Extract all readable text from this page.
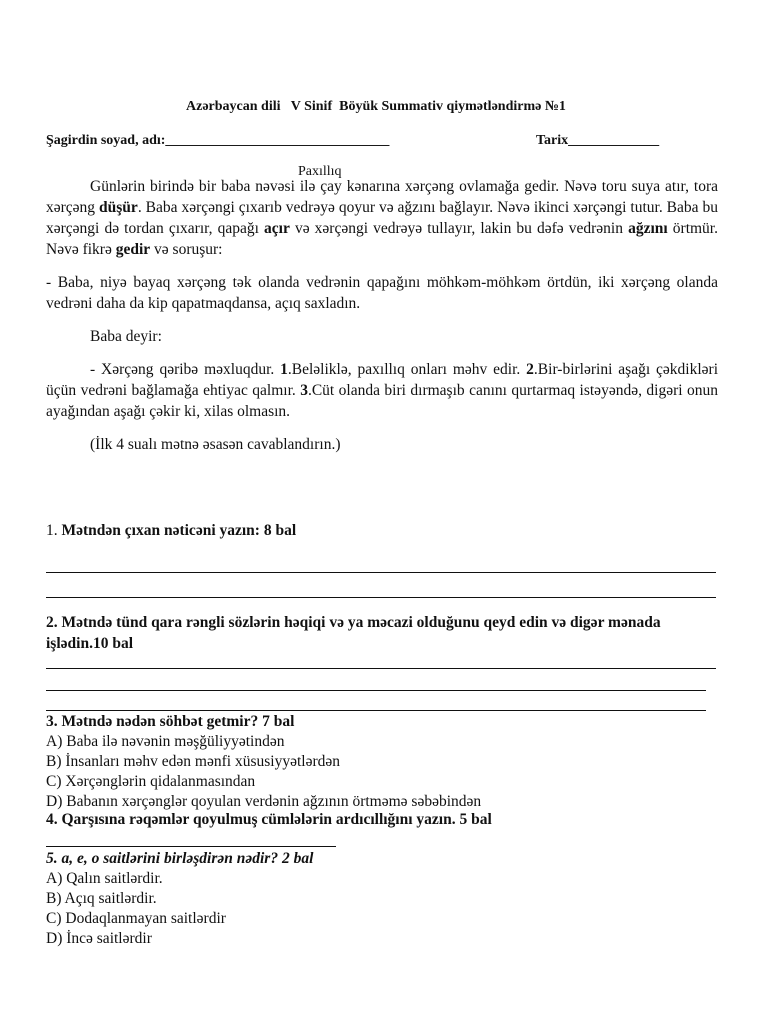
Azərbaycan dili   V Sinif  Böyük Summativ qiymətləndirmə №1
Şagirdin soyad, adı:________________________________	Tarix_____________
Paxıllıq

Günlərin birində bir baba nəvəsi ilə çay kənarına xərçəng ovlamağa gedir. Nəvə toru suya atır, tora xərçəng düşür. Baba xərçəngi çıxarıb vedrəyə qoyur və ağzını bağlayır. Nəvə ikinci xərçəngi tutur. Baba bu xərçəngi də tordan çıxarır, qapağı açır və xərçəngi vedrəyə tullayır, lakin bu dəfə vedrənin ağzını örtmür. Nəvə fikrə gedir və soruşur:

- Baba, niyə bayaq xərçəng tək olanda vedrənin qapağını möhkəm-möhkəm örtdün, iki xərçəng olanda vedrəni daha da kip qapatmaqdansa, açıq saxladın.

Baba deyir:

- Xərçəng qəribə məxluqdur. 1.Beləliklə, paxıllıq onları məhv edir. 2.Bir-birlərini aşağı çəkdikləri üçün vedrəni bağlamağa ehtiyac qalmır. 3.Cüt olanda biri dırmaşıb canını qurtarmaq istəyəndə, digəri onun ayağından aşağı çəkir ki, xilas olmasın.

(İlk 4 sualı mətnə əsasən cavablandırın.)

1. Mətndən çıxan nəticəni yazın: 8 bal
2. Mətndə tünd qara rəngli sözlərin həqiqi və ya məcazi olduğunu qeyd edin və digər mənada işlədin.10 bal
3. Mətndə nədən söhbət getmir? 7 bal

A) Baba ilə nəvənin məşğüliyyətindən

B) İnsanları məhv edən mənfi xüsusiyyətlərdən

C) Xərçənglərin qidalanmasından

D) Babanın xərçənglər qoyulan verdənin ağzının örtməmə səbəbindən

4. Qarşısına rəqəmlər qoyulmuş cümlələrin ardıcıllığını yazın. 5 bal
5. a, e, o saitlərini birləşdirən nədir? 2 bal

A) Qalın saitlərdir.

B) Açıq saitlərdir.

C) Dodaqlanmayan saitlərdir

D) İncə saitlərdir
